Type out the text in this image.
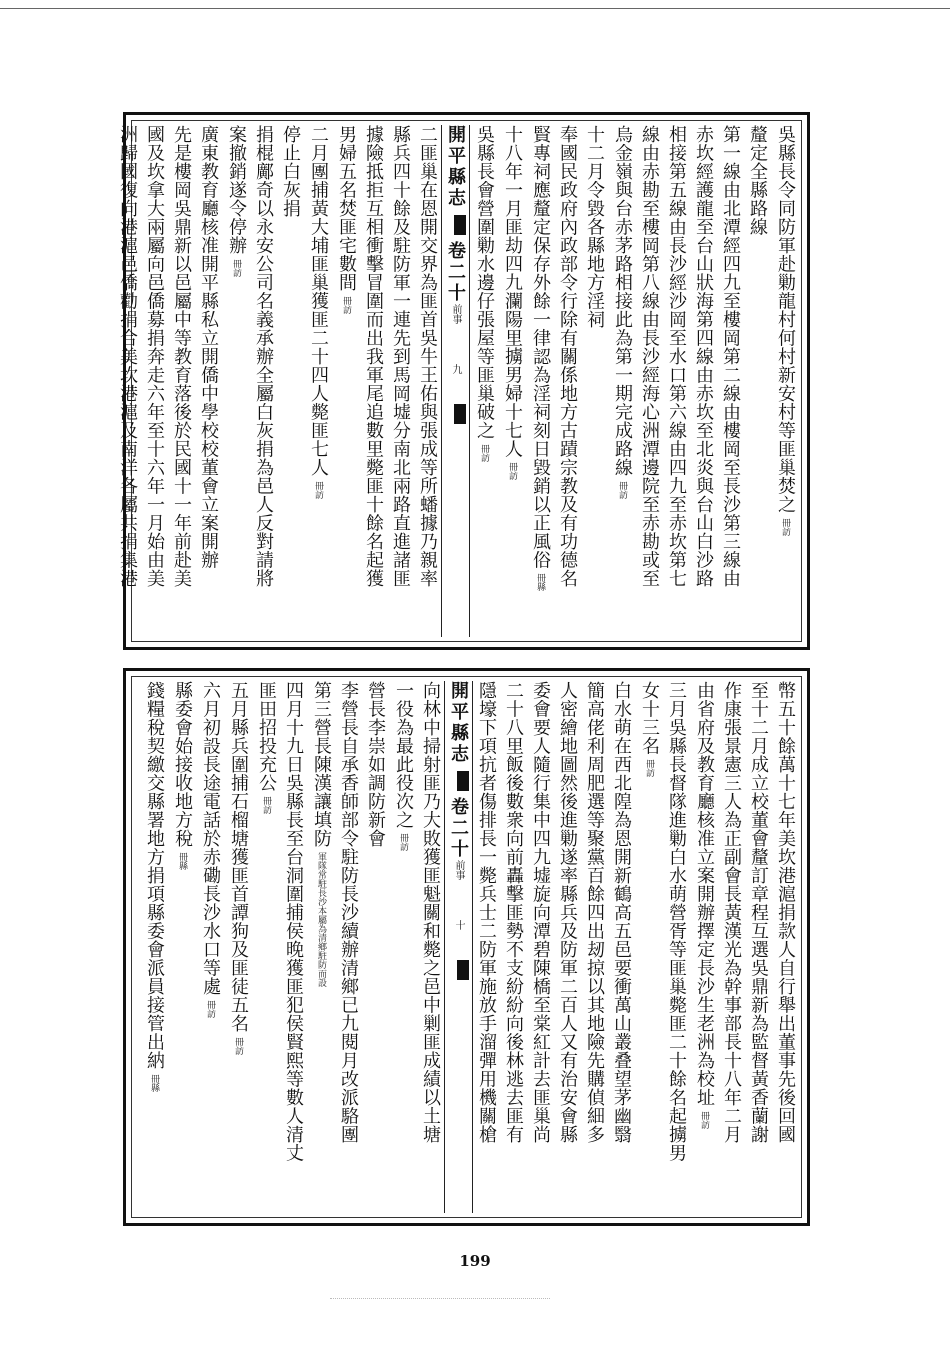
吳縣長令同防軍赴勦龍村何村新安村等匪巢焚之冊訪
釐定全縣路線
第一線由北潭經四九至樓岡第二線由樓岡至長沙第三線由
赤坎經護龍至台山狀海第四線由赤坎至北炎與台山白沙路
相接第五線由長沙經沙岡至水口第六線由四九至赤坎第七
線由赤勘至樓岡第八線由長沙經海心洲潭邊院至赤勘或至
烏金嶺與台赤茅路相接此為第一期完成路線冊訪
十二月令毀各縣地方淫祠
奉國民政府內政部令行除有關係地方古蹟宗教及有功德名
賢專祠應釐定保存外餘一律認為淫祠刻日毀銷以正風俗冊縣
十八年一月匪劫四九瀾陽里擄男婦十七人冊訪
吳縣長會營圍勦水邊仔張屋等匪巢破之冊訪
開平縣志卷二十前事九
二匪巢在恩開交界為匪首吳牛王佑與張成等所蟠據乃親率
縣兵四十餘及駐防軍一連先到馬岡墟分南北兩路直進諸匪
據險抵拒互相衝擊冒圍而出我軍尾追數里斃匪十餘名起獲
男婦五名焚匪宅數間冊訪
二月團捕黃大埔匪巢獲匪二十四人斃匪七人冊訪
停止白灰捐
捐棍鄺奇以永安公司名義承辦全屬白灰捐為邑人反對請將
案撤銷遂令停辦冊訪
廣東教育廳核准開平縣私立開僑中學校校董會立案開辦
先是樓岡吳鼎新以邑屬中等教育落後於民國十一年前赴美
國及坎拿大兩屬向邑僑募捐奔走六年至十六年一月始由美
洲歸國復向港滬邑僑勸捐合美坎港滬及南洋各屬共捐集港
幣五十餘萬十七年美坎港滬捐款人自行舉出董事先後回國
至十二月成立校董會釐訂章程互選吳鼎新為監督黃香蘭謝
作康張景憲三人為正副會長黃漢光為幹事部長十八年二月
由省府及教育廳核准立案開辦擇定長沙生老洲為校址冊訪
三月吳縣長督隊進勦白水萌營胥等匪巢斃匪二十餘名起擄男
女十三名冊訪
白水萌在西北隍為恩開新鶴高五邑要衝萬山叢叠望茅幽翳
簡高佬利周肥選等聚黨百餘四出刼掠以其地險先購偵細多
人密繪地圖然後進勦遂率縣兵及防軍二百人又有治安會縣
委會要人隨行集中四九墟旋向潭碧陳橋至棠紅計去匪巢尚
二十八里飯後數衆向前轟擊匪勢不支紛紛向後林逃去匪有
隱壕下項抗者傷排長一斃兵士二防軍施放手溜彈用機關槍
開平縣志卷二十前事十
向林中掃射匪乃大敗獲匪魁關和斃之邑中剿匪成績以土塘
一役為最此役次之冊訪
營長李崇如調防新會
李營長自承香師部令駐防長沙續辦清鄉已九閱月改派駱團
第三營長陳漢讓填防軍隊常駐長沙本屬為清鄉駐防而設
四月十九日吳縣長至台洞圍捕侯晚獲匪犯侯賢熙等數人清丈
匪田招投充公冊訪
五月縣兵圍捕石榴塘獲匪首譚狗及匪徒五名冊訪
六月初設長途電話於赤磡長沙水口等處冊訪
縣委會始接收地方稅冊縣
錢糧稅契繳交縣署地方捐項縣委會派員接管出納冊縣
199
